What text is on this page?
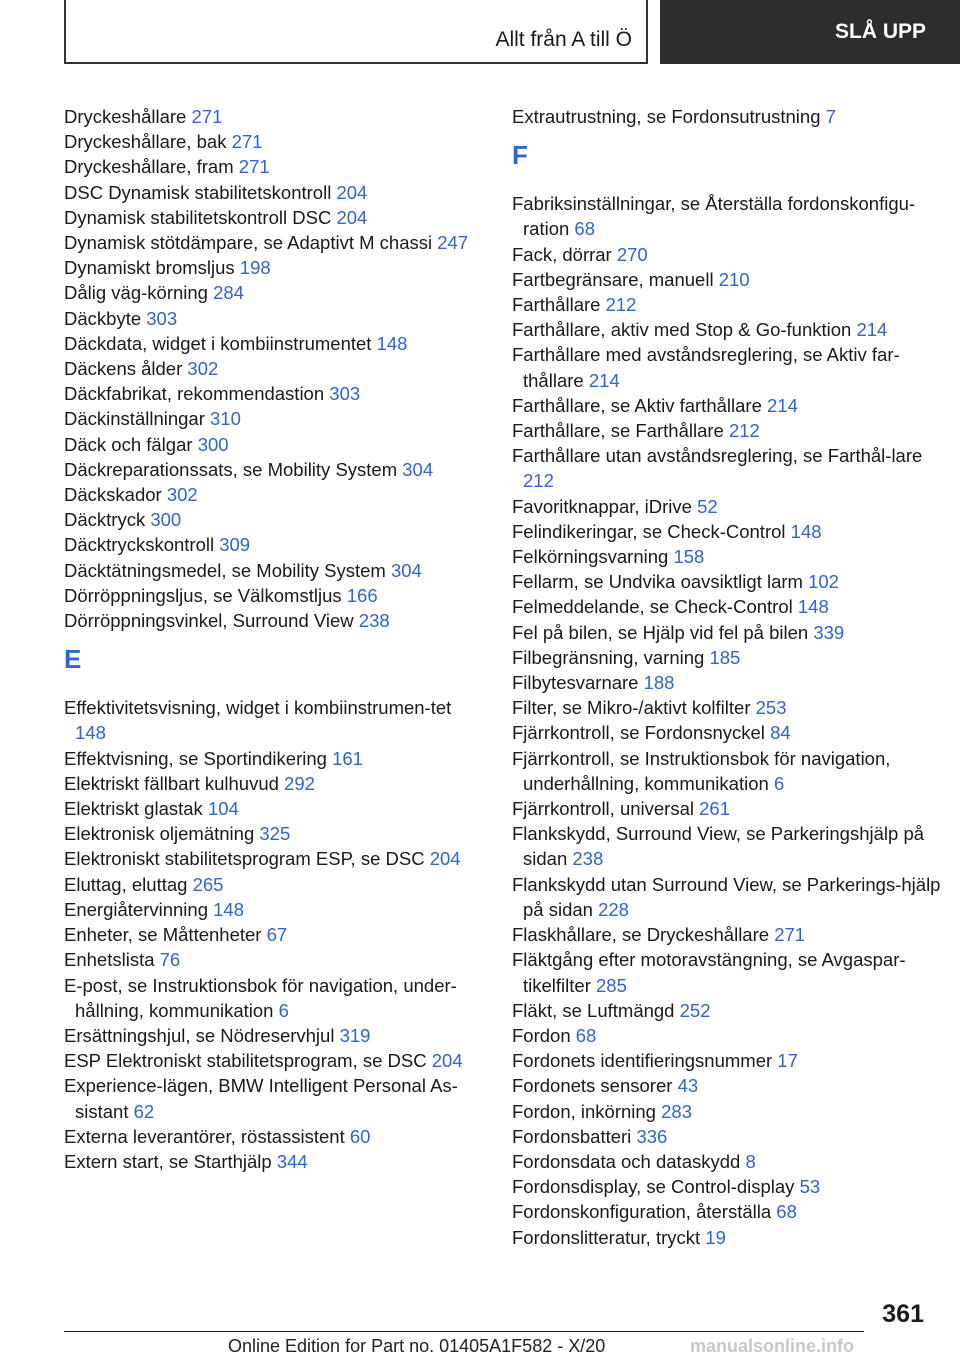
Allt från A till Ö	SLÅ UPP
Dryckeshållare 271
Dryckeshållare, bak 271
Dryckeshållare, fram 271
DSC Dynamisk stabilitetskontroll 204
Dynamisk stabilitetskontroll DSC 204
Dynamisk stötdämpare, se Adaptivt M chassi 247
Dynamiskt bromsljus 198
Dålig väg-körning 284
Däckbyte 303
Däckdata, widget i kombiinstrumentet 148
Däckens ålder 302
Däckfabrikat, rekommendastion 303
Däckinställningar 310
Däck och fälgar 300
Däckreparationssats, se Mobility System 304
Däckskador 302
Däcktryck 300
Däcktryckskontroll 309
Däcktätningsmedel, se Mobility System 304
Dörröppningsljus, se Välkomstljus 166
Dörröppningsvinkel, Surround View 238
E
Effektivitetsvisning, widget i kombiinstrumen-tet 148
Effektvisning, se Sportindikering 161
Elektriskt fällbart kulhuvud 292
Elektriskt glastak 104
Elektronisk oljemätning 325
Elektroniskt stabilitetsprogram ESP, se DSC 204
Eluttag, eluttag 265
Energiåtervinning 148
Enheter, se Måttenheter 67
Enhetslista 76
E-post, se Instruktionsbok för navigation, under-hållning, kommunikation 6
Ersättningshjul, se Nödreservhjul 319
ESP Elektroniskt stabilitetsprogram, se DSC 204
Experience-lägen, BMW Intelligent Personal As-sistant 62
Externa leverantörer, röstassistent 60
Extern start, se Starthjälp 344
Extrautrustning, se Fordonsutrustning 7
F
Fabriksinställningar, se Återställa fordonskonfigu-ration 68
Fack, dörrar 270
Fartbegränsare, manuell 210
Farthållare 212
Farthållare, aktiv med Stop & Go-funktion 214
Farthållare med avståndsreglering, se Aktiv far-thållare 214
Farthållare, se Aktiv farthållare 214
Farthållare, se Farthållare 212
Farthållare utan avståndsreglering, se Farthål-lare 212
Favoritknappar, iDrive 52
Felindikeringar, se Check-Control 148
Felkörningsvarning 158
Fellarm, se Undvika oavsiktligt larm 102
Felmeddelande, se Check-Control 148
Fel på bilen, se Hjälp vid fel på bilen 339
Filbegränsning, varning 185
Filbytesvarnare 188
Filter, se Mikro-/aktivt kolfilter 253
Fjärrkontroll, se Fordonsnyckel 84
Fjärrkontroll, se Instruktionsbok för navigation, underhållning, kommunikation 6
Fjärrkontroll, universal 261
Flankskydd, Surround View, se Parkeringshjälp på sidan 238
Flankskydd utan Surround View, se Parkerings-hjälp på sidan 228
Flaskhållare, se Dryckeshållare 271
Fläktgång efter motoravstängning, se Avgaspar-tikelfilter 285
Fläkt, se Luftmängd 252
Fordon 68
Fordonets identifieringsnummer 17
Fordonets sensorer 43
Fordon, inkörning 283
Fordonsbatteri 336
Fordonsdata och dataskydd 8
Fordonsdisplay, se Control-display 53
Fordonskonfiguration, återställa 68
Fordonslitteratur, tryckt 19
361
Online Edition for Part no. 01405A1F582 - X/20	manualsonline.info
